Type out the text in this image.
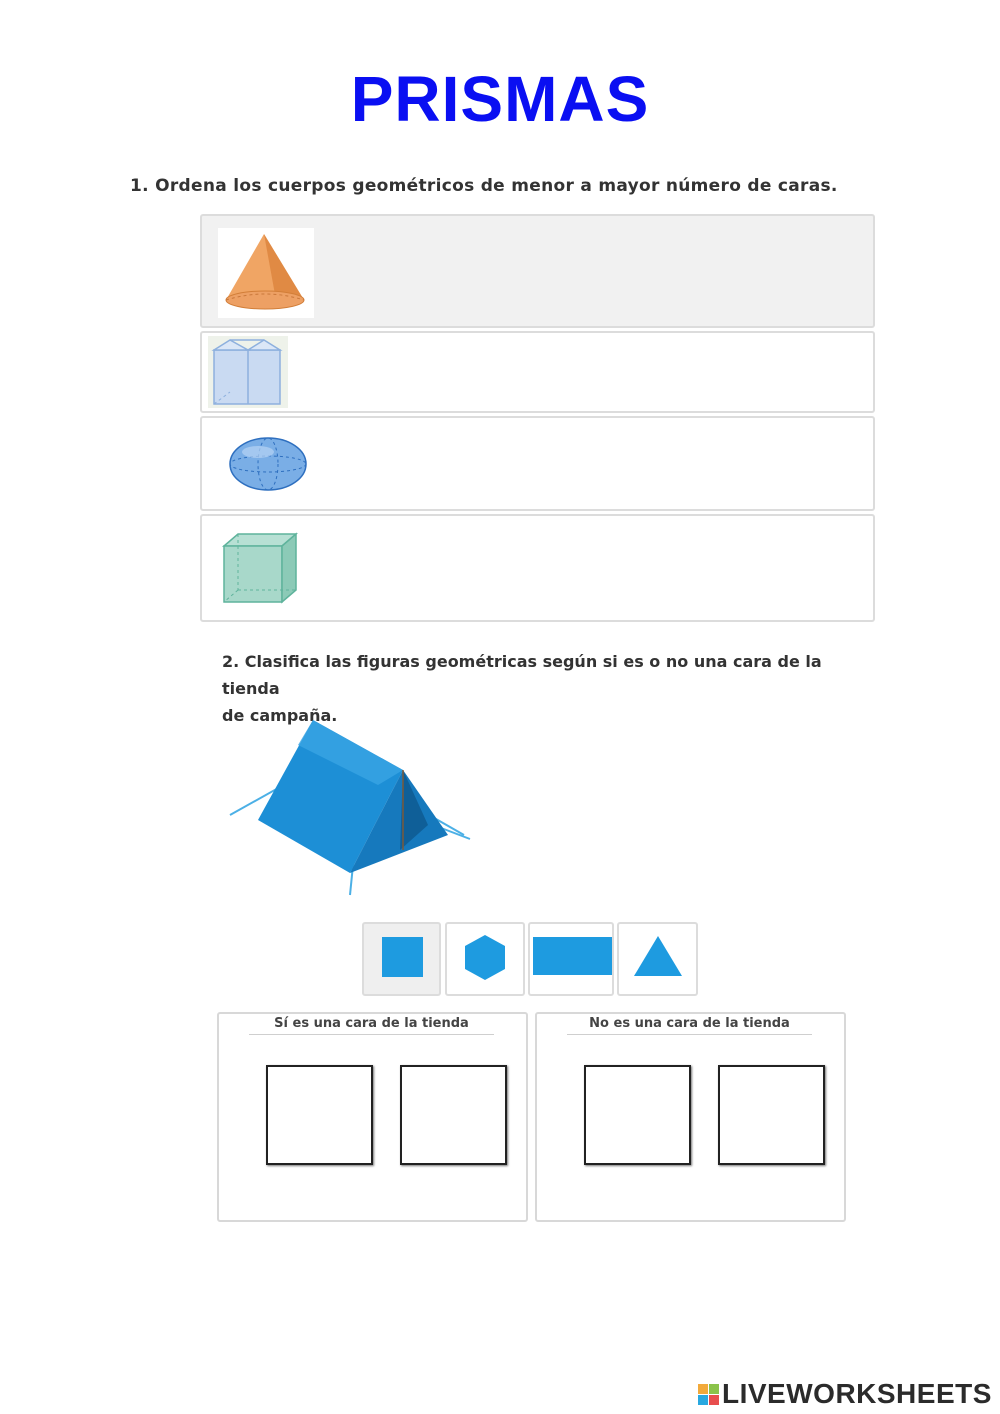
PRISMAS
1. Ordena los cuerpos geométricos de menor a mayor número de caras.
2. Clasifica las figuras geométricas según si es o no una cara de la tienda
de campaña.
Sí es una cara de la tienda	No es una cara de la tienda
LIVEWORKSHEETS
